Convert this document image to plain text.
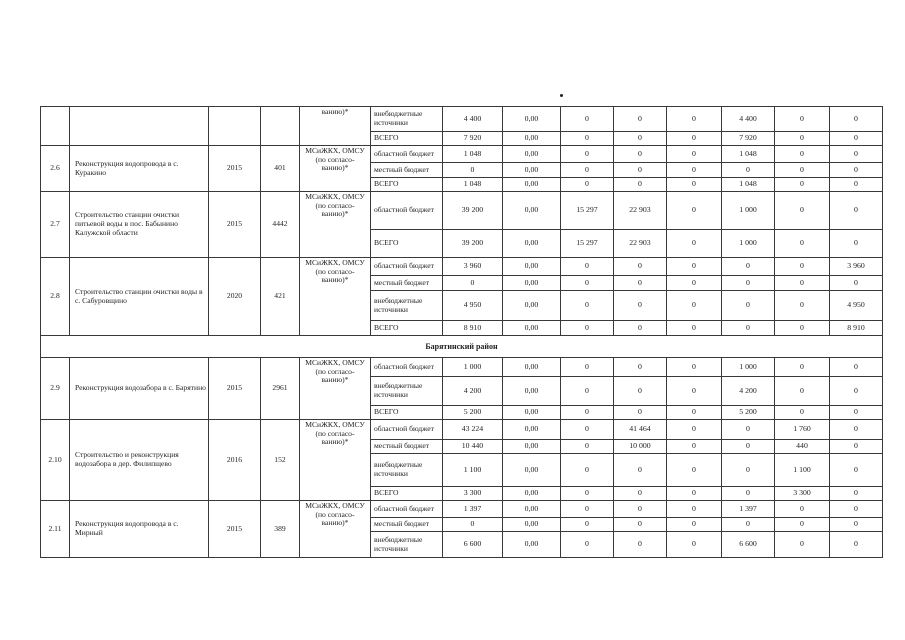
				ванию)*	внебюджетные источники	4 400	0,00	0	0	0	4 400	0	0
					ВСЕГО	7 920	0,00	0	0	0	7 920	0	0
2.6	Реконструкция водопровода в с. Куракино	2015	401	МСиЖКХ, ОМСУ (по согласо-ванию)*	областной бюджет	1 048	0,00	0	0	0	1 048	0	0
					местный бюджет	0	0,00	0	0	0	0	0	0
					ВСЕГО	1 048	0,00	0	0	0	1 048	0	0
2.7	Строительство станции очистки питьевой воды в пос. Бабынино Калужской области	2015	4442	МСиЖКХ, ОМСУ (по согласо-ванию)*	областной бюджет	39 200	0,00	15 297	22 903	0	1 000	0	0
					ВСЕГО	39 200	0,00	15 297	22 903	0	1 000	0	0
2.8	Строительство станции очистки воды в с. Сабуровщино	2020	421	МСиЖКХ, ОМСУ (по согласо-ванию)*	областной бюджет	3 960	0,00	0	0	0	0	0	3 960
					местный бюджет	0	0,00	0	0	0	0	0	0
					внебюджетные источники	4 950	0,00	0	0	0	0	0	4 950
					ВСЕГО	8 910	0,00	0	0	0	0	0	8 910
Барятинский район													
2.9	Реконструкция водозабора в с. Барятино	2015	2961	МСиЖКХ, ОМСУ (по согласо-ванию)*	областной бюджет	1 000	0,00	0	0	0	1 000	0	0
					внебюджетные источники	4 200	0,00	0	0	0	4 200	0	0
					ВСЕГО	5 200	0,00	0	0	0	5 200	0	0
2.10	Строительство и реконструкция водозабора в дер. Филипщево	2016	152	МСиЖКХ, ОМСУ (по согласо-ванию)*	областной бюджет	43 224	0,00	0	41 464	0	0	1 760	0
					местный бюджет	10 440	0,00	0	10 000	0	0	440	0
					внебюджетные источники	1 100	0,00	0	0	0	0	1 100	0
					ВСЕГО	3 300	0,00	0	0	0	0	3 300	0
2.11	Реконструкция водопровода в с. Мирный	2015	389	МСиЖКХ, ОМСУ (по согласо-ванию)*	областной бюджет	1 397	0,00	0	0	0	1 397	0	0
					местный бюджет	0	0,00	0	0	0	0	0	0
					внебюджетные источники	6 600	0,00	0	0	0	6 600	0	0
